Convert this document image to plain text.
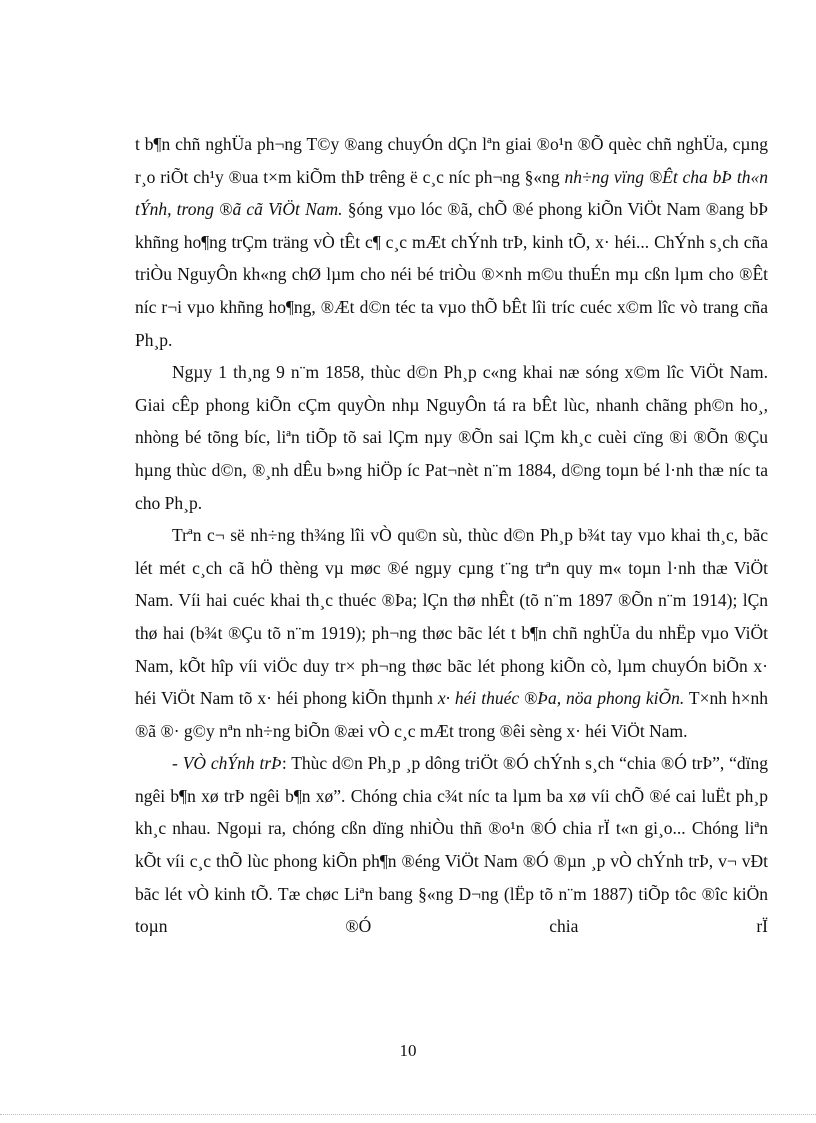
t b¶n chñ nghÜa ph¬ng T©y ®ang chuyÓn dÇn lªn giai ®o¹n ®Õ quèc chñ nghÜa, cµng r¸o riÕt ch¹y ®ua t×m kiÕm thÞ trêng ë c¸c níc ph¬ng §«ng nh÷ng vïng ®Êt cha bÞ th«n tÝnh, trong ®ã cã ViÖt Nam. §óng vµo lóc ®ã, chÕ ®é phong kiÕn ViÖt Nam ®ang bÞ khñng ho¶ng trÇm träng vÒ tÊt c¶ c¸c mÆt chÝnh trÞ, kinh tÕ, x· héi... ChÝnh s¸ch cña triÒu NguyÔn kh«ng chØ lµm cho néi bé triÒu ®×nh m©u thuÉn mµ cßn lµm cho ®Êt níc r¬i vµo khñng ho¶ng, ®Æt d©n téc ta vµo thÕ bÊt lîi tríc cuéc x©m lîc vò trang cña Ph¸p.

Ngµy 1 th¸ng 9 n¨m 1858, thùc d©n Ph¸p c«ng khai næ sóng x©m lîc ViÖt Nam. Giai cÊp phong kiÕn cÇm quyÒn nhµ NguyÔn tá ra bÊt lùc, nhanh chãng ph©n ho¸, nhòng bé tõng bíc, liªn tiÕp tõ sai lÇm nµy ®Õn sai lÇm kh¸c cuèi cïng ®i ®Õn ®Çu hµng thùc d©n, ®¸nh dÊu b»ng hiÖp íc Pat¬nèt n¨m 1884, d©ng toµn bé l·nh thæ níc ta cho Ph¸p.

Trªn c¬ së nh÷ng th¾ng lîi vÒ qu©n sù, thùc d©n Ph¸p b¾t tay vµo khai th¸c, bãc lét mét c¸ch cã hÖ thèng vµ møc ®é ngµy cµng t¨ng trªn quy m« toµn l·nh thæ ViÖt Nam. Víi hai cuéc khai th¸c thuéc ®Þa; lÇn thø nhÊt (tõ n¨m 1897 ®Õn n¨m 1914); lÇn thø hai (b¾t ®Çu tõ n¨m 1919); ph¬ng thøc bãc lét t b¶n chñ nghÜa du nhËp vµo ViÖt Nam, kÕt hîp víi viÖc duy tr× ph¬ng thøc bãc lét phong kiÕn cò, lµm chuyÓn biÕn x· héi ViÖt Nam tõ x· héi phong kiÕn thµnh x· héi thuéc ®Þa, nöa phong kiÕn. T×nh h×nh ®ã ®· g©y nªn nh÷ng biÕn ®æi vÒ c¸c mÆt trong ®êi sèng x· héi ViÖt Nam.

- VÒ chÝnh trÞ: Thùc d©n Ph¸p ¸p dông triÖt ®Ó chÝnh s¸ch “chia ®Ó trÞ”, “dïng ngêi b¶n xø trÞ ngêi b¶n xø”. Chóng chia c¾t níc ta lµm ba xø víi chÕ ®é cai luËt ph¸p kh¸c nhau. Ngoµi ra, chóng cßn dïng nhiÒu thñ ®o¹n ®Ó chia rÏ t«n gi¸o... Chóng liªn kÕt víi c¸c thÕ lùc phong kiÕn ph¶n ®éng ViÖt Nam ®Ó ®µn ¸p vÒ chÝnh trÞ, v¬ vÐt bãc lét vÒ kinh tÕ. Tæ chøc Liªn bang §«ng D¬ng (lËp tõ n¨m 1887) tiÕp tôc ®îc kiÖn toµn ®Ó chia rÏ

10
